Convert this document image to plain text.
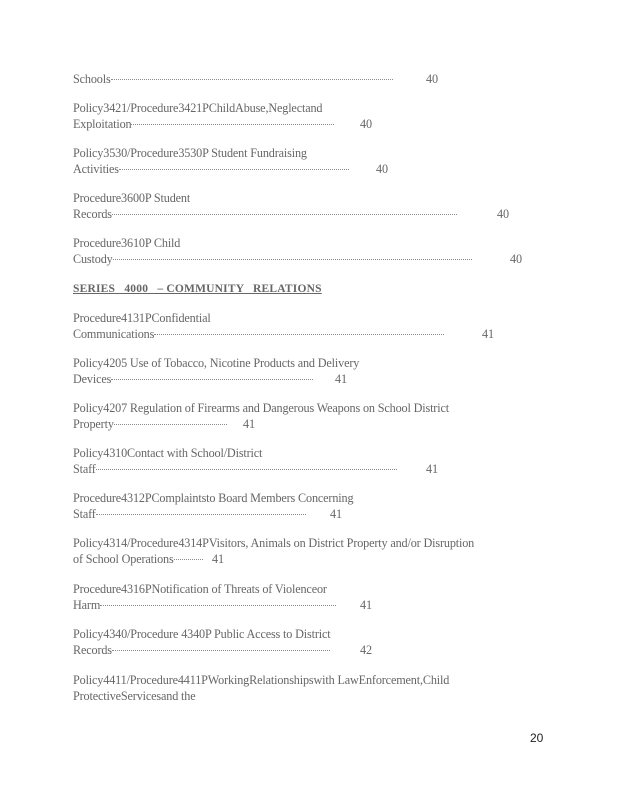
Schools	40
Policy3421/Procedure3421PChildAbuse,Neglectand
Exploitation	40
Policy3530/Procedure3530P Student Fundraising
Activities	40
Procedure3600P Student
Records	40
Procedure3610P Child
Custody	40
SERIES   4000   – COMMUNITY   RELATIONS
Procedure4131PConfidential
Communications	41
Policy4205 Use of Tobacco, Nicotine Products and Delivery
Devices	41
Policy4207 Regulation of Firearms and Dangerous Weapons on School District
Property	41
Policy4310Contact with School/District
Staff	41
Procedure4312PComplaintsto Board Members Concerning
Staff	41
Policy4314/Procedure4314PVisitors, Animals on District Property and/or Disruption
of School Operations	41
Procedure4316PNotification of Threats of Violenceor
Harm	41
Policy4340/Procedure 4340P Public Access to District
Records	42
Policy4411/Procedure4411PWorkingRelationshipswith LawEnforcement,Child
ProtectiveServicesand the
20
